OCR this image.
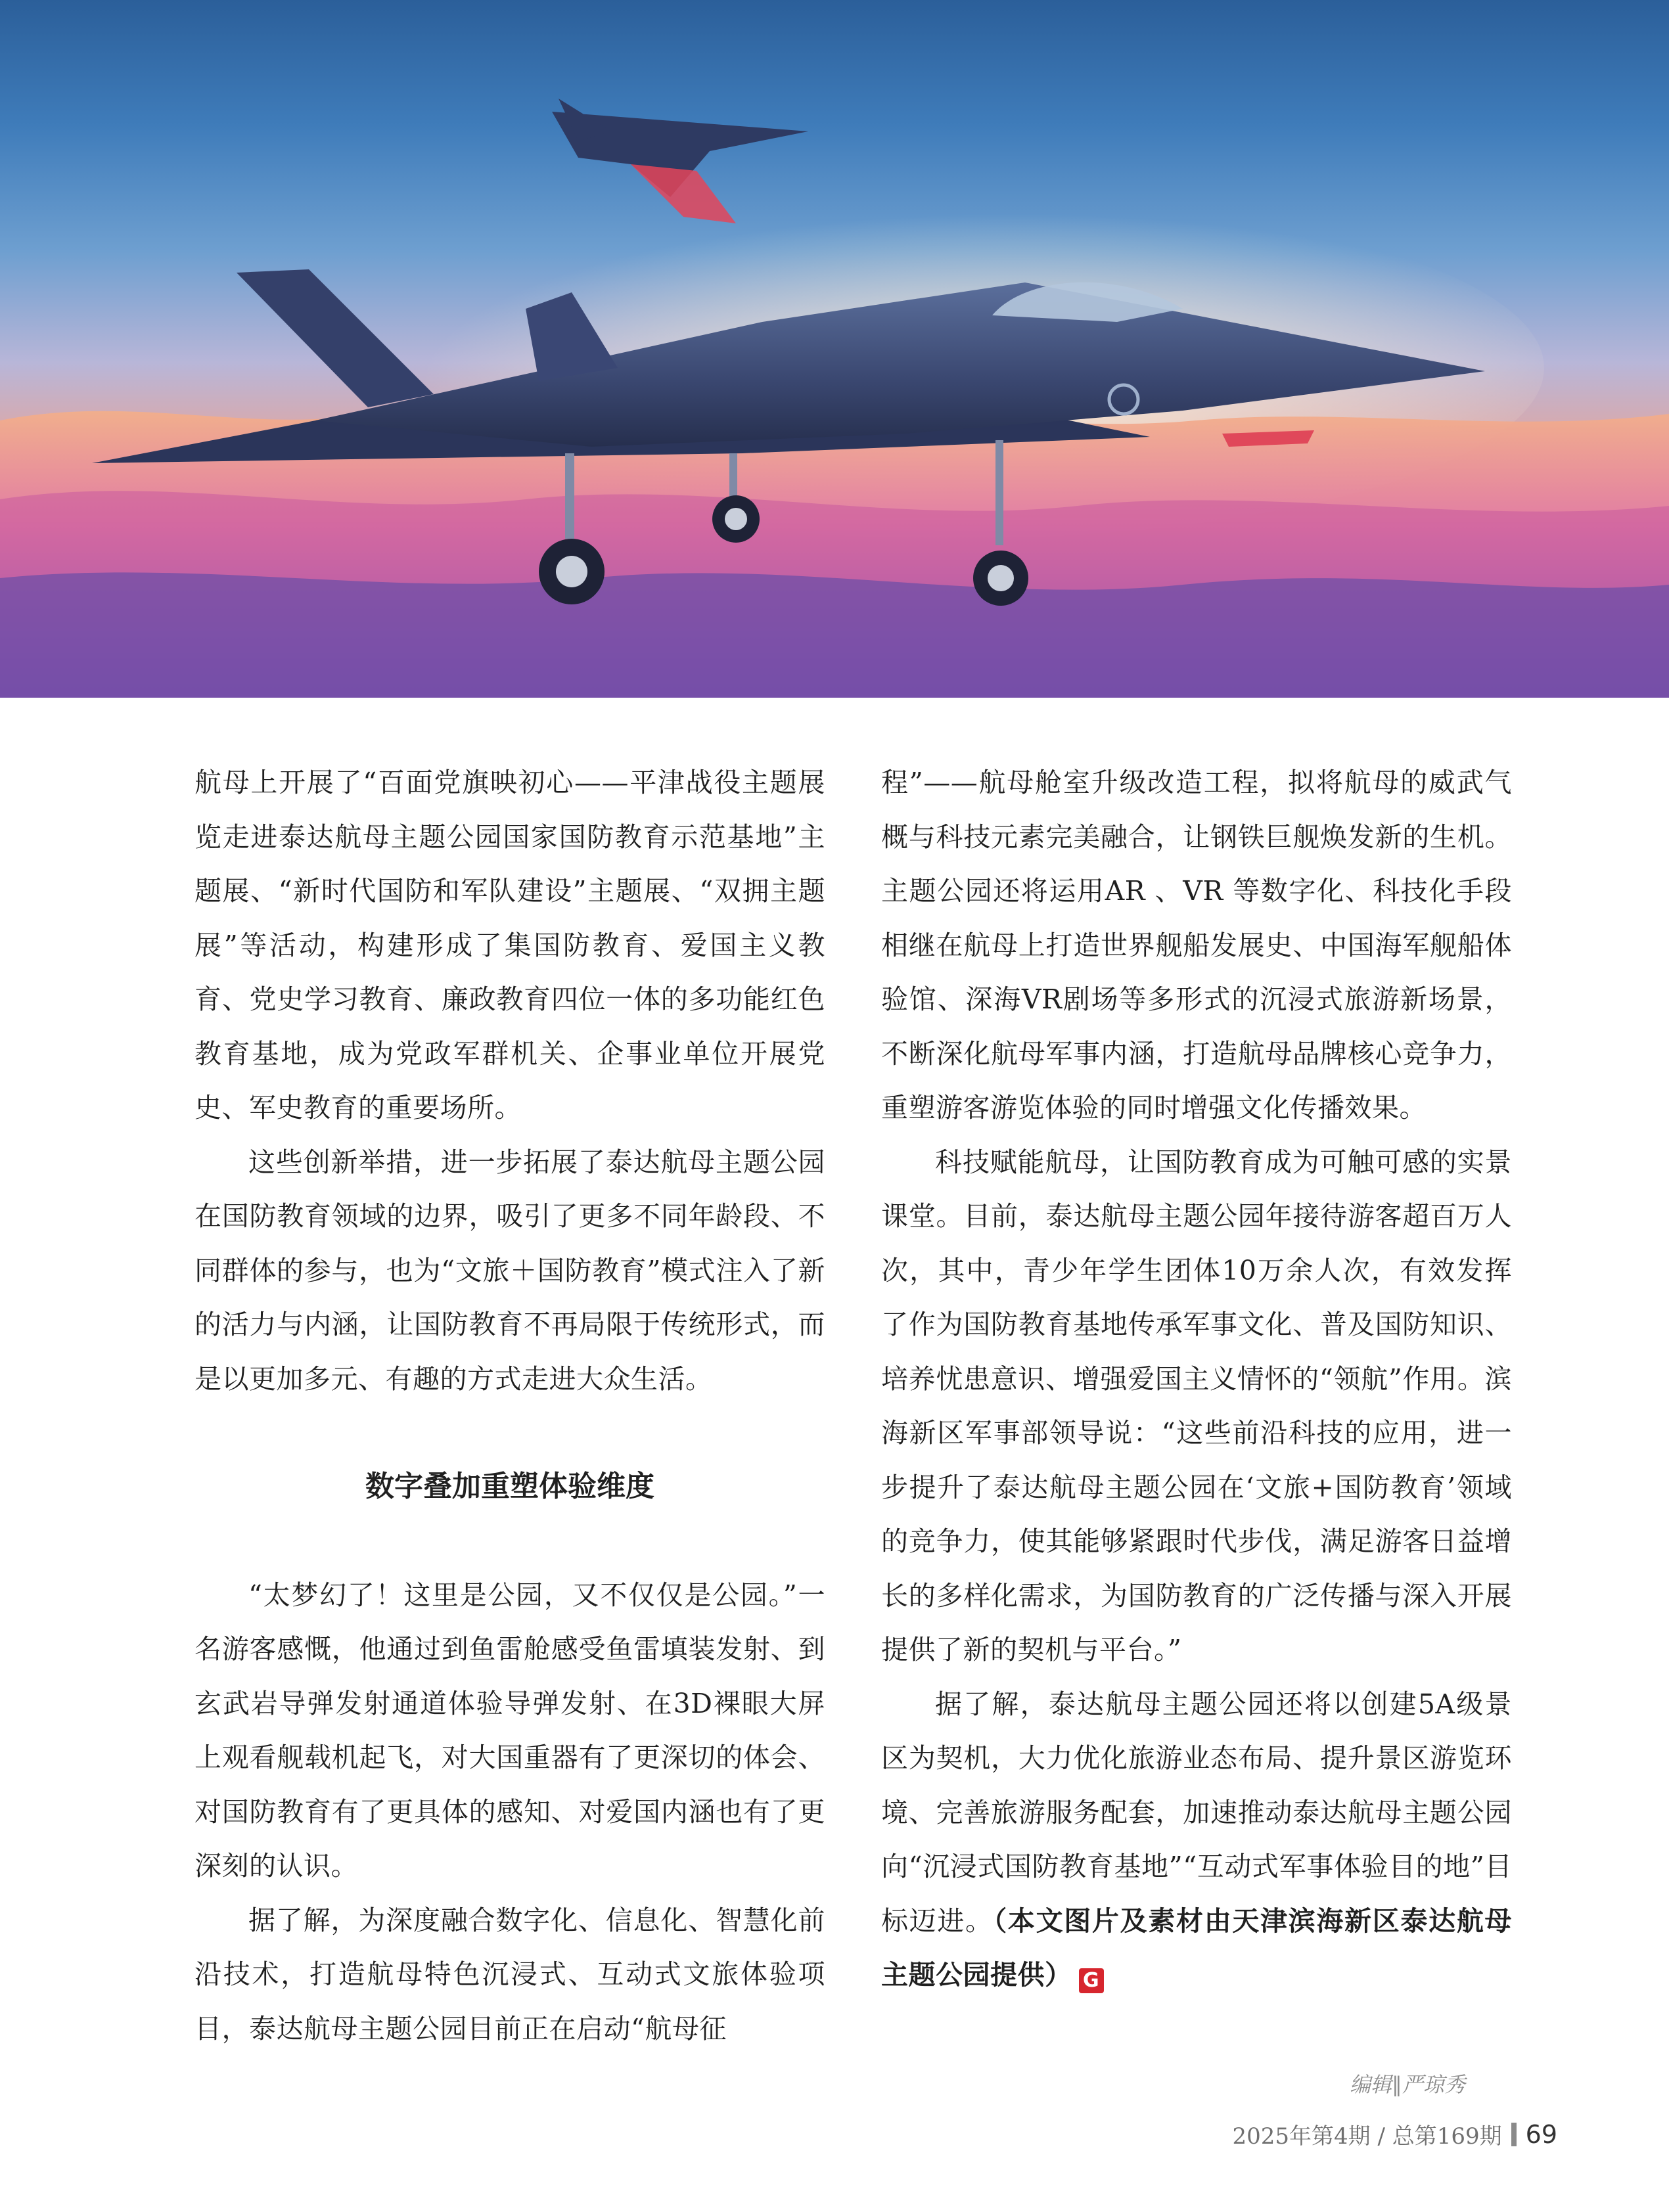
航母上开展了“百面党旗映初心——平津战役主题展览走进泰达航母主题公园国家国防教育示范基地”主题展、“新时代国防和军队建设”主题展、“双拥主题展”等活动，构建形成了集国防教育、爱国主义教育、党史学习教育、廉政教育四位一体的多功能红色教育基地，成为党政军群机关、企事业单位开展党史、军史教育的重要场所。

这些创新举措，进一步拓展了泰达航母主题公园在国防教育领域的边界，吸引了更多不同年龄段、不同群体的参与，也为“文旅＋国防教育”模式注入了新的活力与内涵，让国防教育不再局限于传统形式，而是以更加多元、有趣的方式走进大众生活。

数字叠加重塑体验维度

“太梦幻了！这里是公园，又不仅仅是公园。”一名游客感慨，他通过到鱼雷舱感受鱼雷填装发射、到玄武岩导弹发射通道体验导弹发射、在3D裸眼大屏上观看舰载机起飞，对大国重器有了更深切的体会、对国防教育有了更具体的感知、对爱国内涵也有了更深刻的认识。

据了解，为深度融合数字化、信息化、智慧化前沿技术，打造航母特色沉浸式、互动式文旅体验项目，泰达航母主题公园目前正在启动“航母征

程”——航母舱室升级改造工程，拟将航母的威武气概与科技元素完美融合，让钢铁巨舰焕发新的生机。主题公园还将运用AR 、VR 等数字化、科技化手段相继在航母上打造世界舰船发展史、中国海军舰船体验馆、深海VR剧场等多形式的沉浸式旅游新场景，不断深化航母军事内涵，打造航母品牌核心竞争力，重塑游客游览体验的同时增强文化传播效果。

科技赋能航母，让国防教育成为可触可感的实景课堂。目前，泰达航母主题公园年接待游客超百万人次，其中，青少年学生团体10万余人次，有效发挥了作为国防教育基地传承军事文化、普及国防知识、培养忧患意识、增强爱国主义情怀的“领航”作用。滨海新区军事部领导说：“这些前沿科技的应用，进一步提升了泰达航母主题公园在‘文旅+国防教育’领域的竞争力，使其能够紧跟时代步伐，满足游客日益增长的多样化需求，为国防教育的广泛传播与深入开展提供了新的契机与平台。”

据了解，泰达航母主题公园还将以创建5A级景区为契机，大力优化旅游业态布局、提升景区游览环境、完善旅游服务配套，加速推动泰达航母主题公园向“沉浸式国防教育基地”“互动式军事体验目的地”目标迈进。（本文图片及素材由天津滨海新区泰达航母主题公园提供） G

编辑∥严琼秀
2025年第4期 / 总第169期 69
